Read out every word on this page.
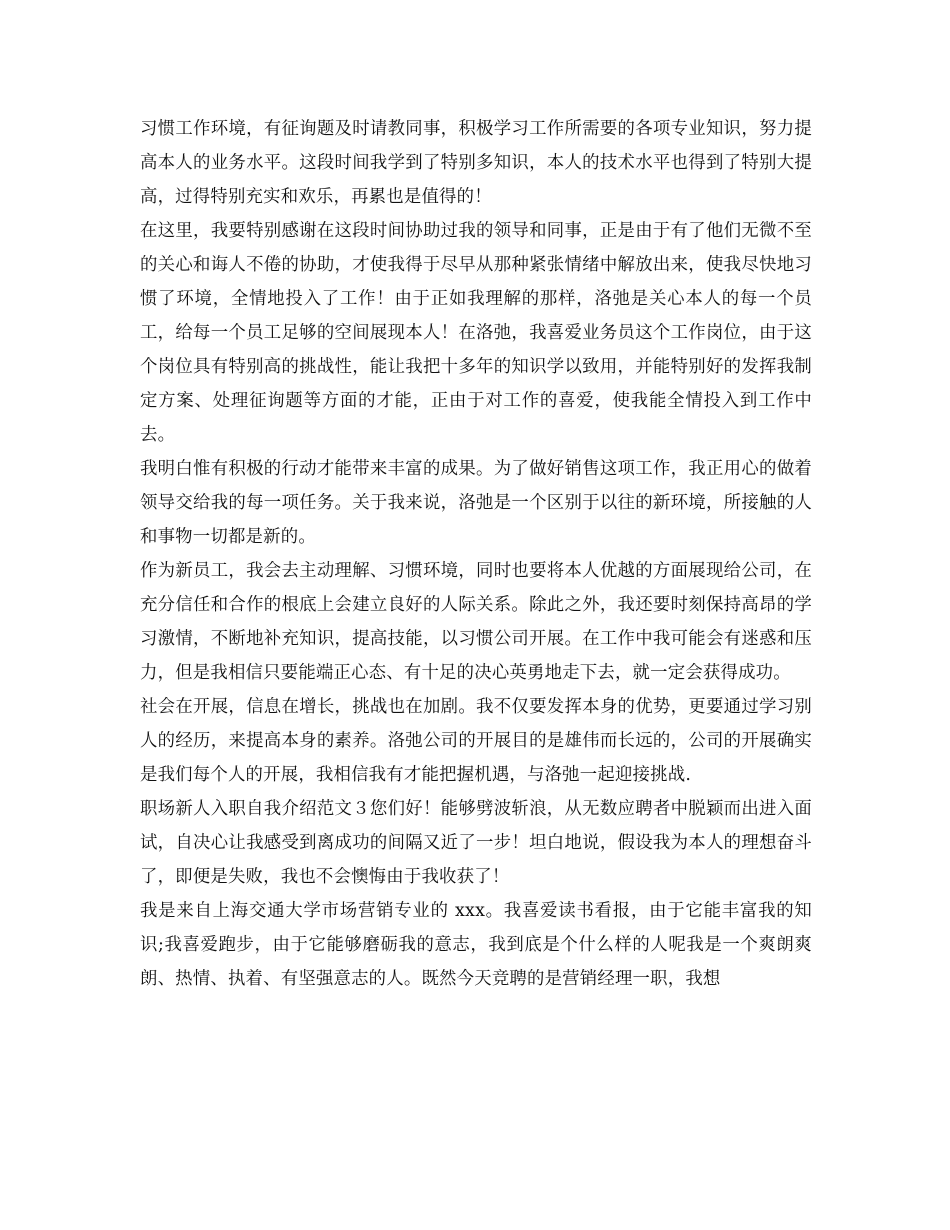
习惯工作环境，有征询题及时请教同事，积极学习工作所需要的各项专业知识，努力提高本人的业务水平。这段时间我学到了特别多知识，本人的技术水平也得到了特别大提高，过得特别充实和欢乐，再累也是值得的！

在这里，我要特别感谢在这段时间协助过我的领导和同事，正是由于有了他们无微不至的关心和诲人不倦的协助，才使我得于尽早从那种紧张情绪中解放出来，使我尽快地习惯了环境，全情地投入了工作！由于正如我理解的那样，洛弛是关心本人的每一个员工，给每一个员工足够的空间展现本人！在洛弛，我喜爱业务员这个工作岗位，由于这个岗位具有特别高的挑战性，能让我把十多年的知识学以致用，并能特别好的发挥我制定方案、处理征询题等方面的才能，正由于对工作的喜爱，使我能全情投入到工作中去。

我明白惟有积极的行动才能带来丰富的成果。为了做好销售这项工作，我正用心的做着领导交给我的每一项任务。关于我来说，洛弛是一个区别于以往的新环境，所接触的人和事物一切都是新的。

作为新员工，我会去主动理解、习惯环境，同时也要将本人优越的方面展现给公司，在充分信任和合作的根底上会建立良好的人际关系。除此之外，我还要时刻保持高昂的学习激情，不断地补充知识，提高技能，以习惯公司开展。在工作中我可能会有迷惑和压力，但是我相信只要能端正心态、有十足的决心英勇地走下去，就一定会获得成功。

社会在开展，信息在增长，挑战也在加剧。我不仅要发挥本身的优势，更要通过学习别人的经历，来提高本身的素养。洛弛公司的开展目的是雄伟而长远的，公司的开展确实是我们每个人的开展，我相信我有才能把握机遇，与洛弛一起迎接挑战.

职场新人入职自我介绍范文３您们好！能够劈波斩浪，从无数应聘者中脱颖而出进入面试，自决心让我感受到离成功的间隔又近了一步！坦白地说，假设我为本人的理想奋斗了，即便是失败，我也不会懊悔由于我收获了！

我是来自上海交通大学市场营销专业的 xxx。我喜爱读书看报，由于它能丰富我的知识;我喜爱跑步，由于它能够磨砺我的意志，我到底是个什么样的人呢我是一个爽朗爽朗、热情、执着、有坚强意志的人。既然今天竞聘的是营销经理一职，我想
